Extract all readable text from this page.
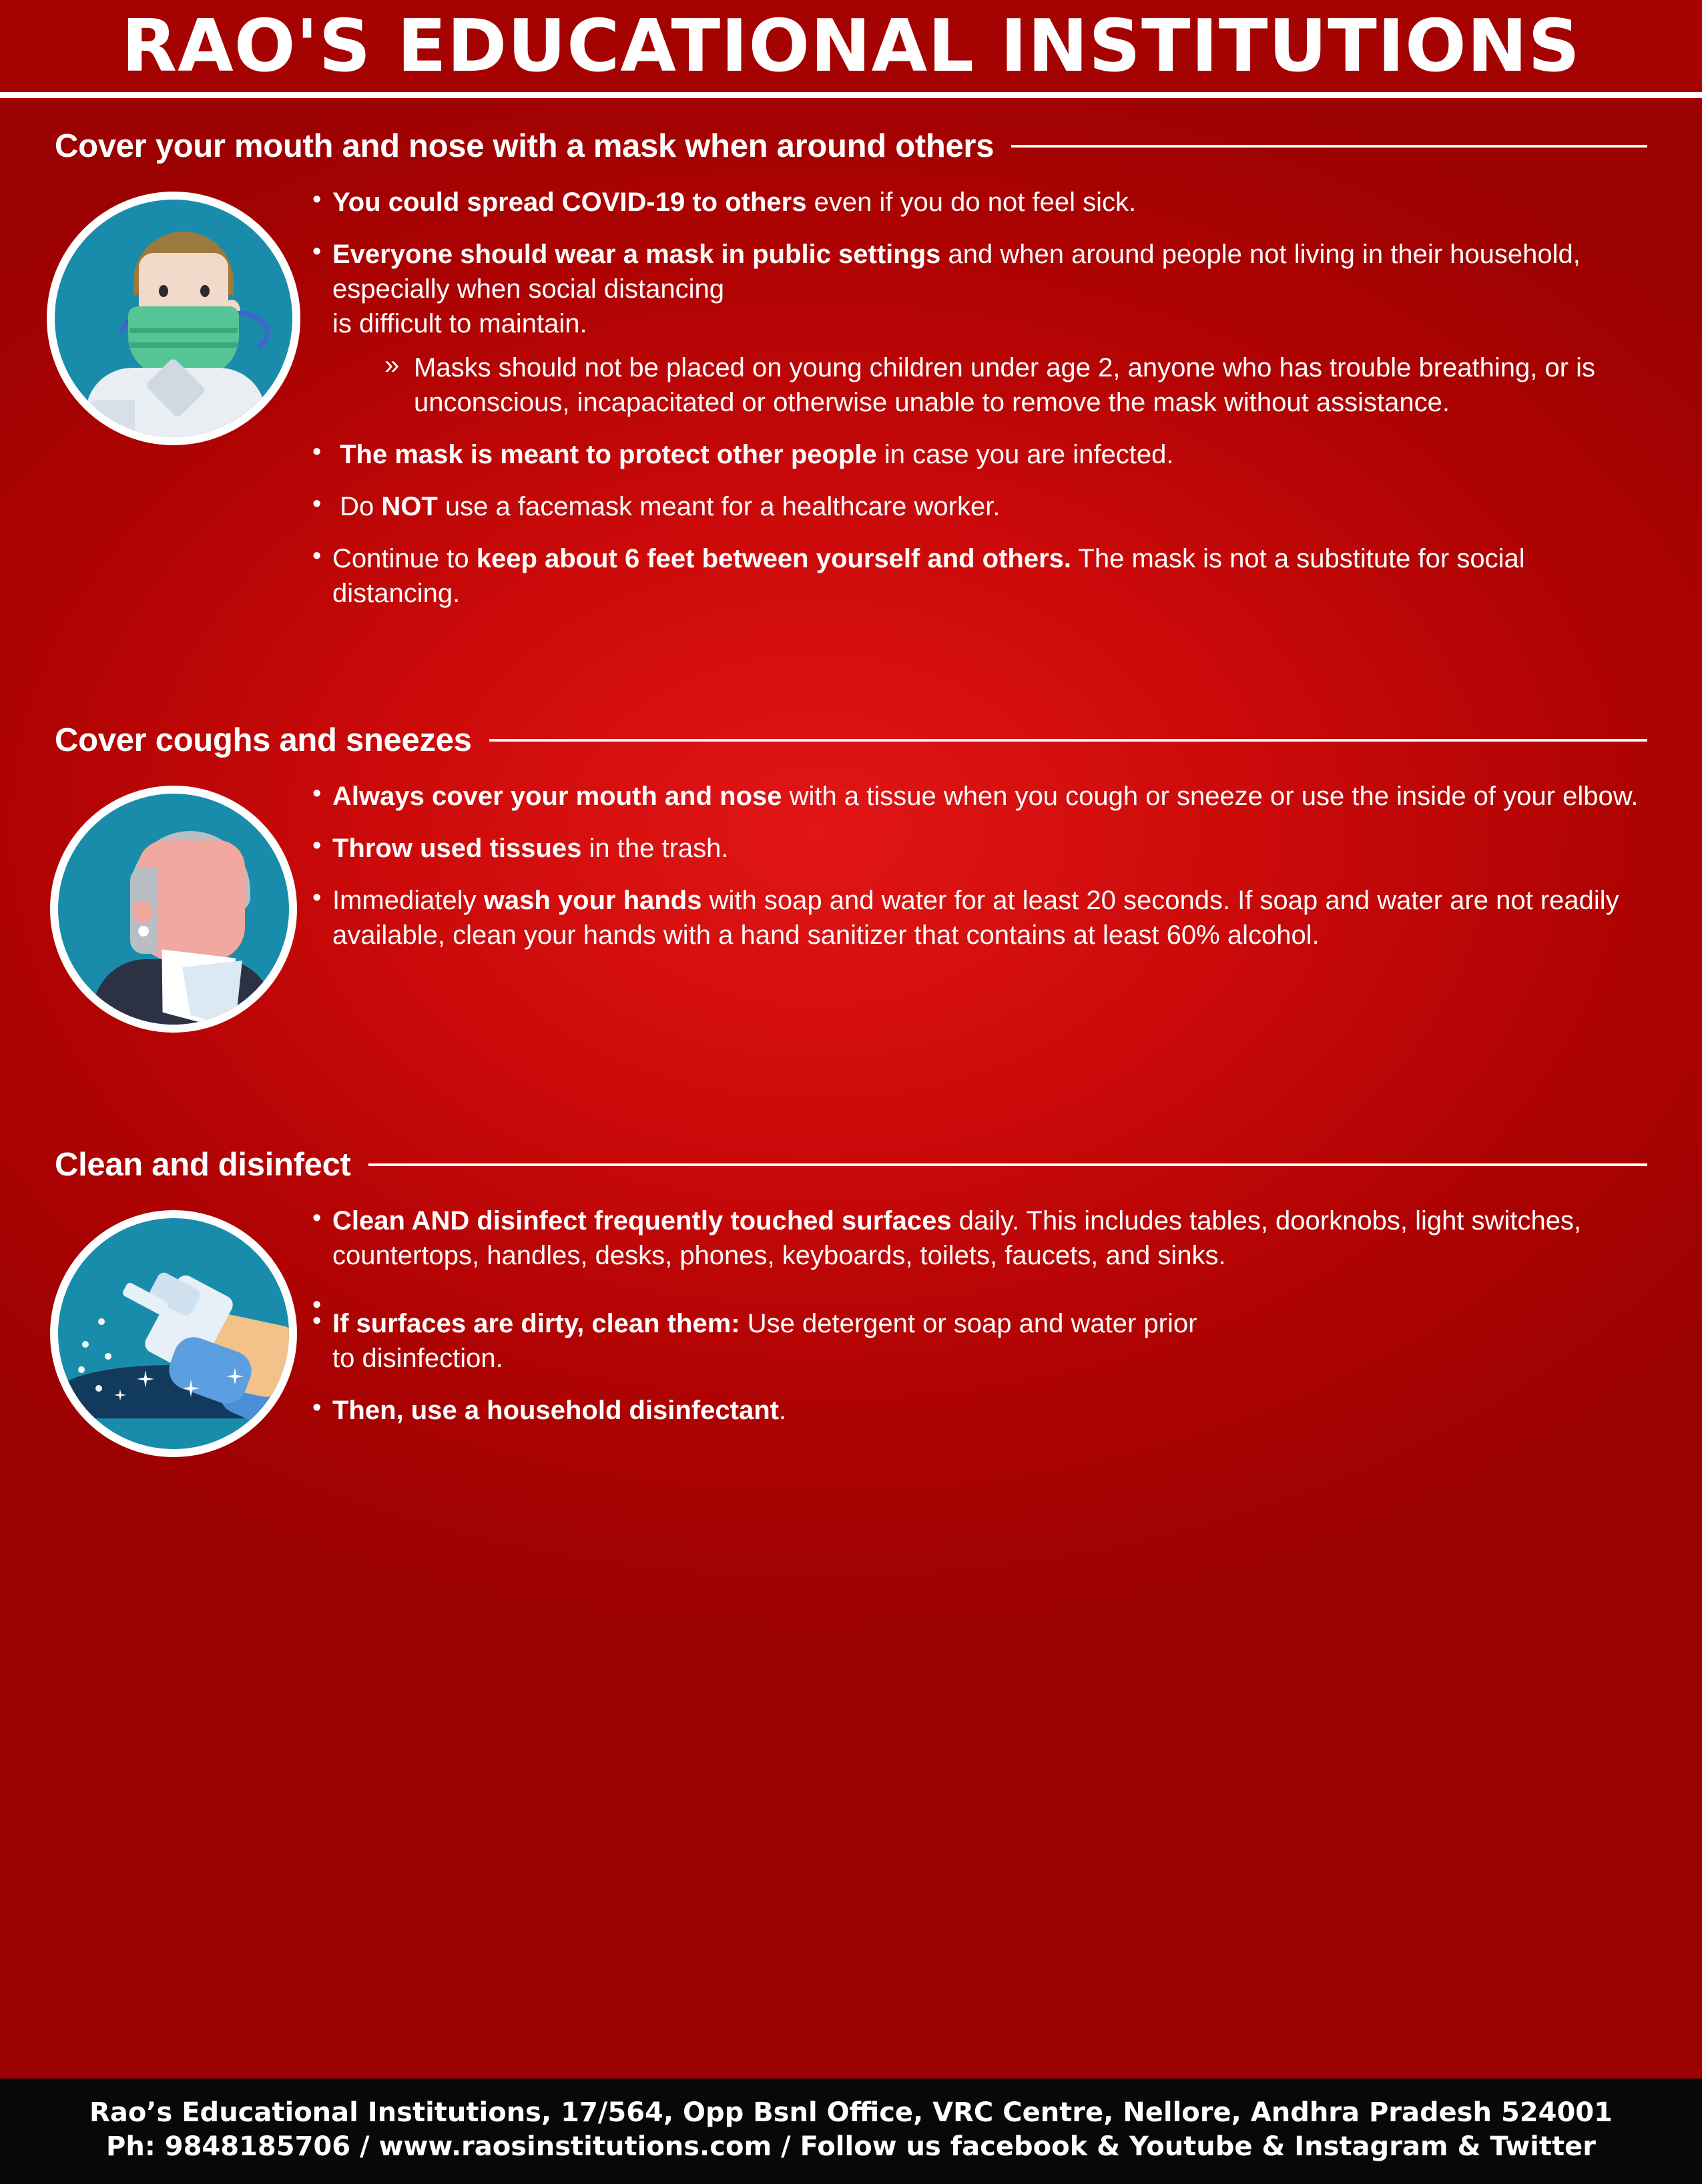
RAO'S EDUCATIONAL INSTITUTIONS
Cover your mouth and nose with a mask when around others
• You could spread COVID-19 to others even if you do not feel sick.
• Everyone should wear a mask in public settings and when around people not living in their household, especially when social distancing
is difficult to maintain.
» Masks should not be placed on young children under age 2, anyone who has trouble breathing, or is unconscious, incapacitated or otherwise unable to remove the mask without assistance.
•  The mask is meant to protect other people in case you are infected.
•  Do NOT use a facemask meant for a healthcare worker.
• Continue to keep about 6 feet between yourself and others. The mask is not a substitute for social distancing.
Cover coughs and sneezes
• Always cover your mouth and nose with a tissue when you cough or sneeze or use the inside of your elbow.
• Throw used tissues in the trash.
• Immediately wash your hands with soap and water for at least 20 seconds. If soap and water are not readily available, clean your hands with a hand sanitizer that contains at least 60% alcohol.
Clean and disinfect
• Clean AND disinfect frequently touched surfaces daily. This includes tables, doorknobs, light switches, countertops, handles, desks, phones, keyboards, toilets, faucets, and sinks.
•
• If surfaces are dirty, clean them: Use detergent or soap and water prior
to disinfection.
• Then, use a household disinfectant.
Rao’s Educational Institutions, 17/564, Opp Bsnl Office, VRC Centre, Nellore, Andhra Pradesh 524001
Ph: 9848185706 / www.raosinstitutions.com / Follow us facebook & Youtube & Instagram & Twitter
